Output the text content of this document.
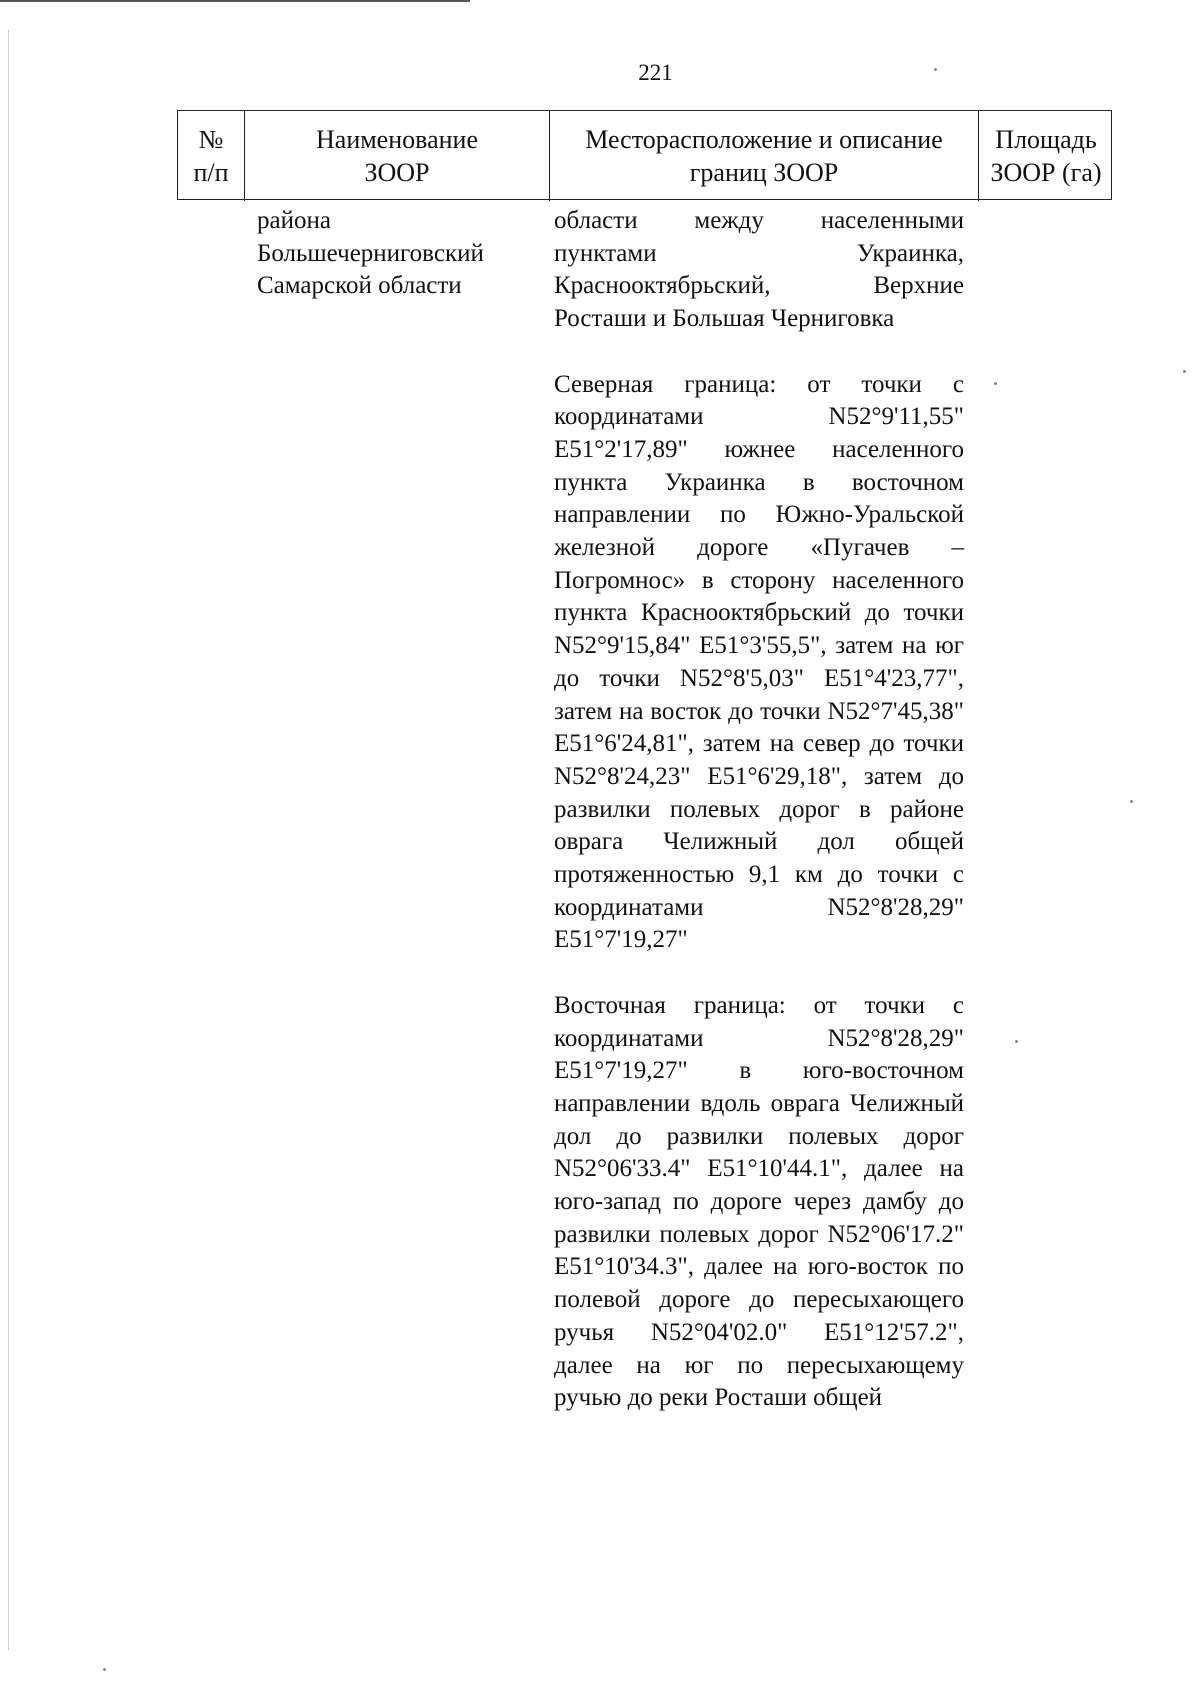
221
№
п/п
Наименование
ЗООР
Месторасположение и описание границ ЗООР
Площадь ЗООР (га)
района
Большечерниговский
Самарской области

области между населенными пунктами Украинка, Краснооктябрьский, Верхние Росташи и Большая Черниговка

Северная граница: от точки с координатами N52°9'11,55" E51°2'17,89" южнее населенного пункта Украинка в восточном направлении по Южно-Уральской железной дороге «Пугачев – Погромнос» в сторону населенного пункта Краснооктябрьский до точки N52°9'15,84" E51°3'55,5", затем на юг до точки N52°8'5,03" E51°4'23,77", затем на восток до точки N52°7'45,38" E51°6'24,81", затем на север до точки N52°8'24,23" E51°6'29,18", затем до развилки полевых дорог в районе оврага Челижный дол общей протяженностью 9,1 км до точки с координатами N52°8'28,29" E51°7'19,27"

Восточная граница: от точки с координатами N52°8'28,29" E51°7'19,27" в юго-восточном направлении вдоль оврага Челижный дол до развилки полевых дорог N52°06'33.4" E51°10'44.1", далее на юго-запад по дороге через дамбу до развилки полевых дорог N52°06'17.2" E51°10'34.3", далее на юго-восток по полевой дороге до пересыхающего ручья N52°04'02.0" E51°12'57.2", далее на юг по пересыхающему ручью до реки Росташи общей
